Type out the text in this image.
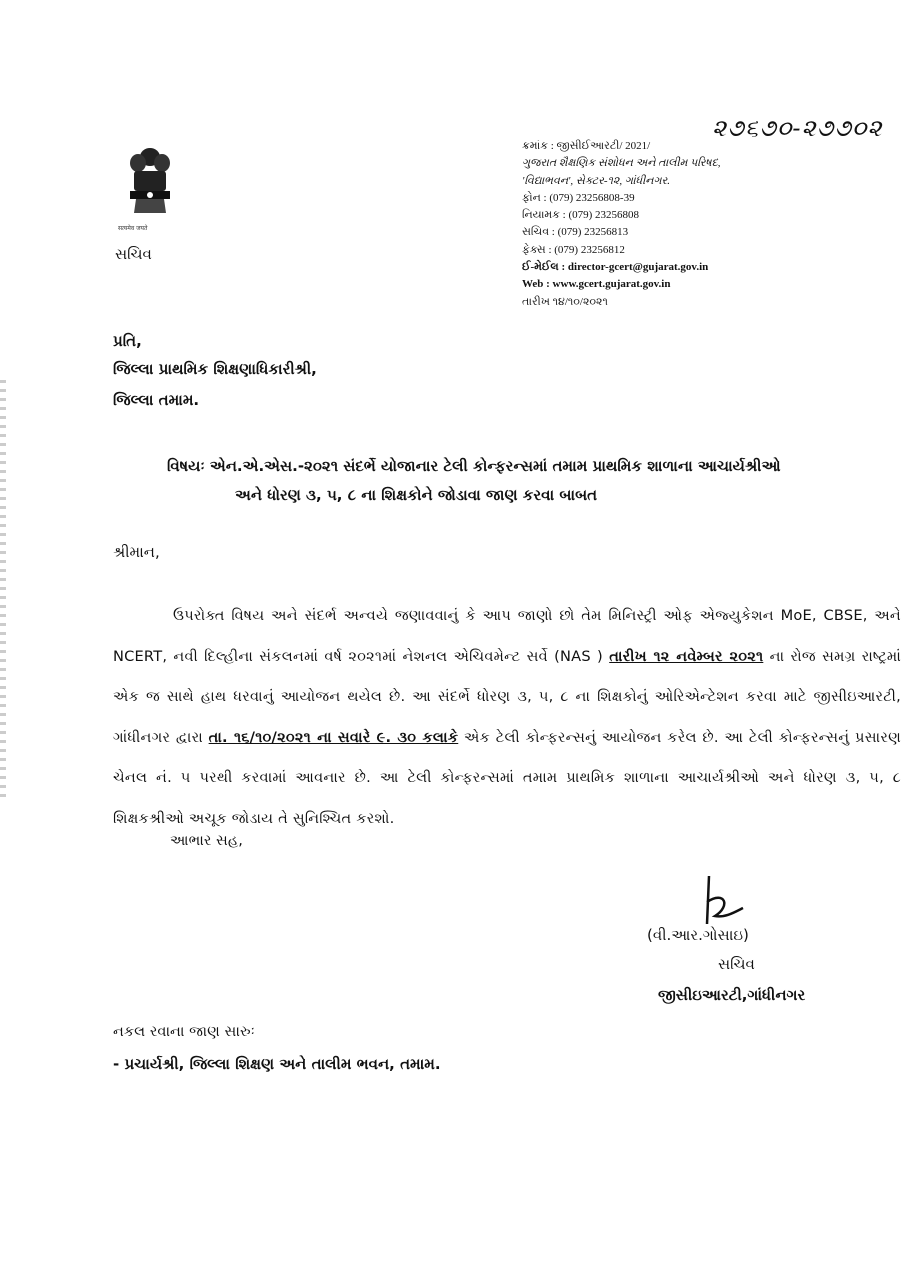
सत्यमेव जयते
સચિવ
૨૭૬૭૦-૨૭૭૦૨
ક્રમાંક : જીસીઈઆરટી/ 2021/
ગુજરાત શૈક્ષણિક સંશોધન અને તાલીમ પરિષદ,
'વિદ્યાભવન', સેક્ટર-૧૨, ગાંધીનગર.
ફોન : (079) 23256808-39
નિયામક : (079) 23256808
સચિવ : (079) 23256813
ફેક્સ : (079) 23256812
ઈ-મેઈલ : director-gcert@gujarat.gov.in
Web : www.gcert.gujarat.gov.in
તારીખ ૧૪/૧૦/૨૦૨૧
પ્રતિ,
જિલ્લા પ્રાથમિક શિક્ષણાધિકારીશ્રી,
જિલ્લા તમામ.
વિષયઃ એન.એ.એસ.-૨૦૨૧ સંદર્ભે યોજાનાર ટેલી કોન્ફરન્સમાં તમામ પ્રાથમિક શાળાના આચાર્યશ્રીઓ
અને ધોરણ ૩, ૫, ૮ ના શિક્ષકોને જોડાવા જાણ કરવા બાબત
શ્રીમાન,
ઉપરોક્ત વિષય અને સંદર્ભ અન્વયે જણાવવાનું કે આપ જાણો છો તેમ મિનિસ્ટ્રી ઓફ એજ્યુકેશન MoE, CBSE, અને NCERT, નવી દિલ્હીના સંકલનમાં વર્ષ ૨૦૨૧માં નેશનલ એચિવમેન્ટ સર્વે (NAS ) તારીખ ૧૨ નવેમ્બર ૨૦૨૧ ના રોજ સમગ્ર રાષ્ટ્રમાં એક જ સાથે હાથ ધરવાનું આયોજન થયેલ છે. આ સંદર્ભે ધોરણ ૩, ૫, ૮ ના શિક્ષકોનું ઓરિએન્ટેશન કરવા માટે જીસીઇઆરટી, ગાંધીનગર દ્વારા તા. ૧૬/૧૦/૨૦૨૧ ના સવારે ૯. ૩૦ કલાકે એક ટેલી કોન્ફરન્સનું આયોજન કરેલ છે. આ ટેલી કોન્ફરન્સનું પ્રસારણ ચેનલ નં. ૫ પરથી કરવામાં આવનાર છે. આ ટેલી કોન્ફરન્સમાં તમામ પ્રાથમિક શાળાના આચાર્યશ્રીઓ અને ધોરણ ૩, ૫, ૮ શિક્ષકશ્રીઓ અચૂક જોડાય તે સુનિશ્ચિત કરશો.
આભાર સહ,
(વી.આર.ગોસાઇ)
સચિવ
જીસીઇઆરટી,ગાંધીનગર
નકલ રવાના જાણ સારુઃ
- પ્રચાર્યશ્રી, જિલ્લા શિક્ષણ અને તાલીમ ભવન, તમામ.
